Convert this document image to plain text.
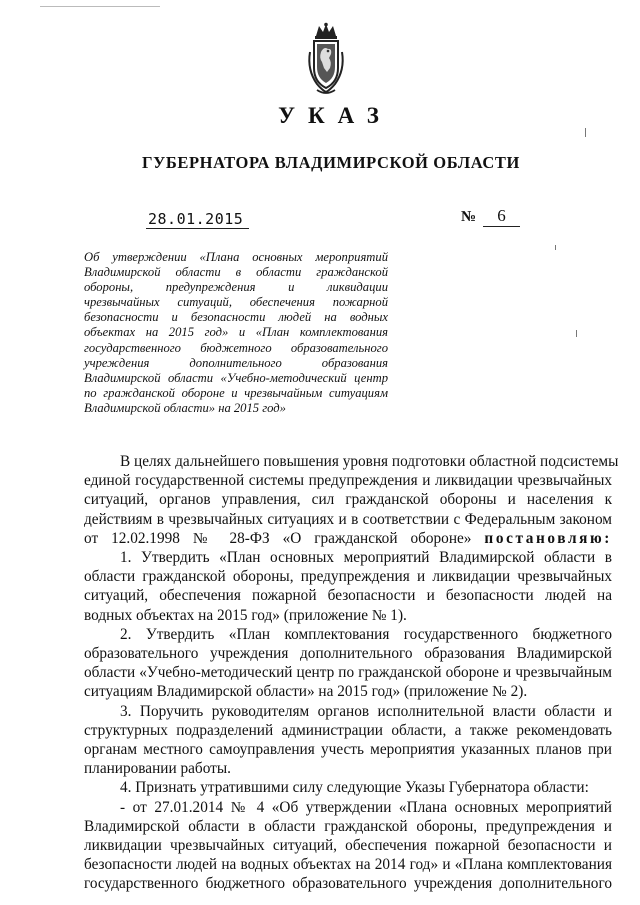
УКАЗ
ГУБЕРНАТОРА ВЛАДИМИРСКОЙ ОБЛАСТИ
28.01.2015	№	6
Об утверждении «Плана основных мероприятий
Владимирской области в области гражданской
обороны, предупреждения и ликвидации
чрезвычайных ситуаций, обеспечения пожарной
безопасности и безопасности людей на водных
объектах на 2015 год» и «План комплектования
государственного бюджетного образовательного
учреждения дополнительного образования
Владимирской области «Учебно-методический центр
по гражданской обороне и чрезвычайным ситуациям
Владимирской области» на 2015 год»
В целях дальнейшего повышения уровня подготовки областной подсистемы
единой государственной системы предупреждения и ликвидации чрезвычайных
ситуаций, органов управления, сил гражданской обороны и населения к
действиям в чрезвычайных ситуациях и в соответствии с Федеральным законом
от 12.02.1998 № 28-ФЗ «О гражданской обороне» постановляю:
1. Утвердить «План основных мероприятий Владимирской области в
области гражданской обороны, предупреждения и ликвидации чрезвычайных
ситуаций, обеспечения пожарной безопасности и безопасности людей на
водных объектах на 2015 год» (приложение № 1).
2. Утвердить «План комплектования государственного бюджетного
образовательного учреждения дополнительного образования Владимирской
области «Учебно-методический центр по гражданской обороне и чрезвычайным
ситуациям Владимирской области» на 2015 год» (приложение № 2).
3. Поручить руководителям органов исполнительной власти области и
структурных подразделений администрации области, а также рекомендовать
органам местного самоуправления учесть мероприятия указанных планов при
планировании работы.
4. Признать утратившими силу следующие Указы Губернатора области:
- от 27.01.2014 № 4 «Об утверждении «Плана основных мероприятий
Владимирской области в области гражданской обороны, предупреждения и
ликвидации чрезвычайных ситуаций, обеспечения пожарной безопасности и
безопасности людей на водных объектах на 2014 год» и «Плана комплектования
государственного бюджетного образовательного учреждения дополнительного
